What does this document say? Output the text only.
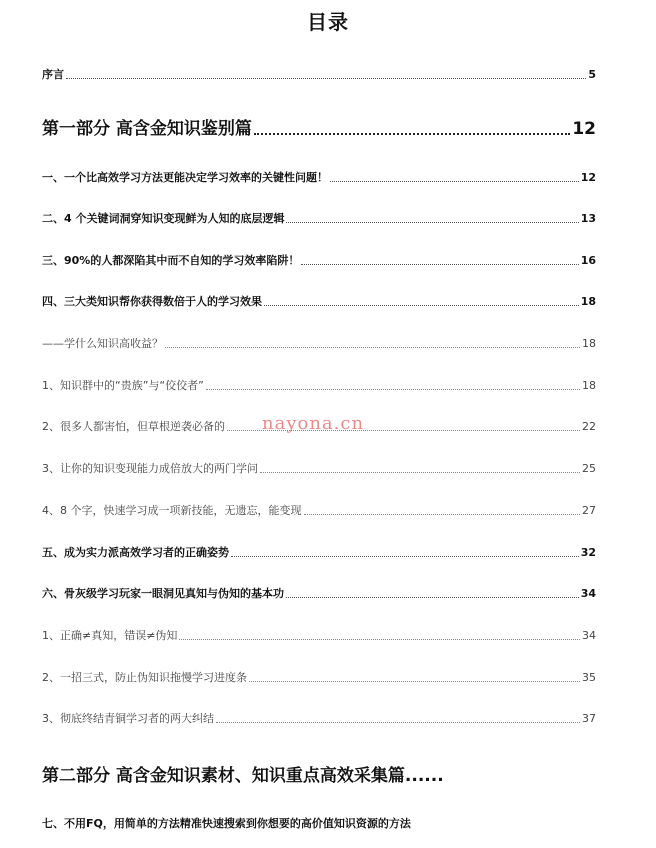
目录
序言	5
第一部分 高含金知识鉴别篇	12
一、一个比高效学习方法更能决定学习效率的关键性问题！	12
二、4 个关键词洞穿知识变现鲜为人知的底层逻辑	13
三、90%的人都深陷其中而不自知的学习效率陷阱！	16
四、三大类知识帮你获得数倍于人的学习效果	18
——学什么知识高收益？	18
1、知识群中的“贵族”与“佼佼者”	18
2、很多人都害怕，但草根逆袭必备的	22
3、让你的知识变现能力成倍放大的两门学问	25
4、8 个字，快速学习成一项新技能，无遗忘，能变现	27
五、成为实力派高效学习者的正确姿势	32
六、骨灰级学习玩家一眼洞见真知与伪知的基本功	34
1、正确≠真知，错误≠伪知	34
2、一招三式，防止伪知识拖慢学习进度条	35
3、彻底终结青铜学习者的两大纠结	37
第二部分 高含金知识素材、知识重点高效采集篇......
七、不用FQ，用简单的方法精准快速搜索到你想要的高价值知识资源的方法
nayona.cn
